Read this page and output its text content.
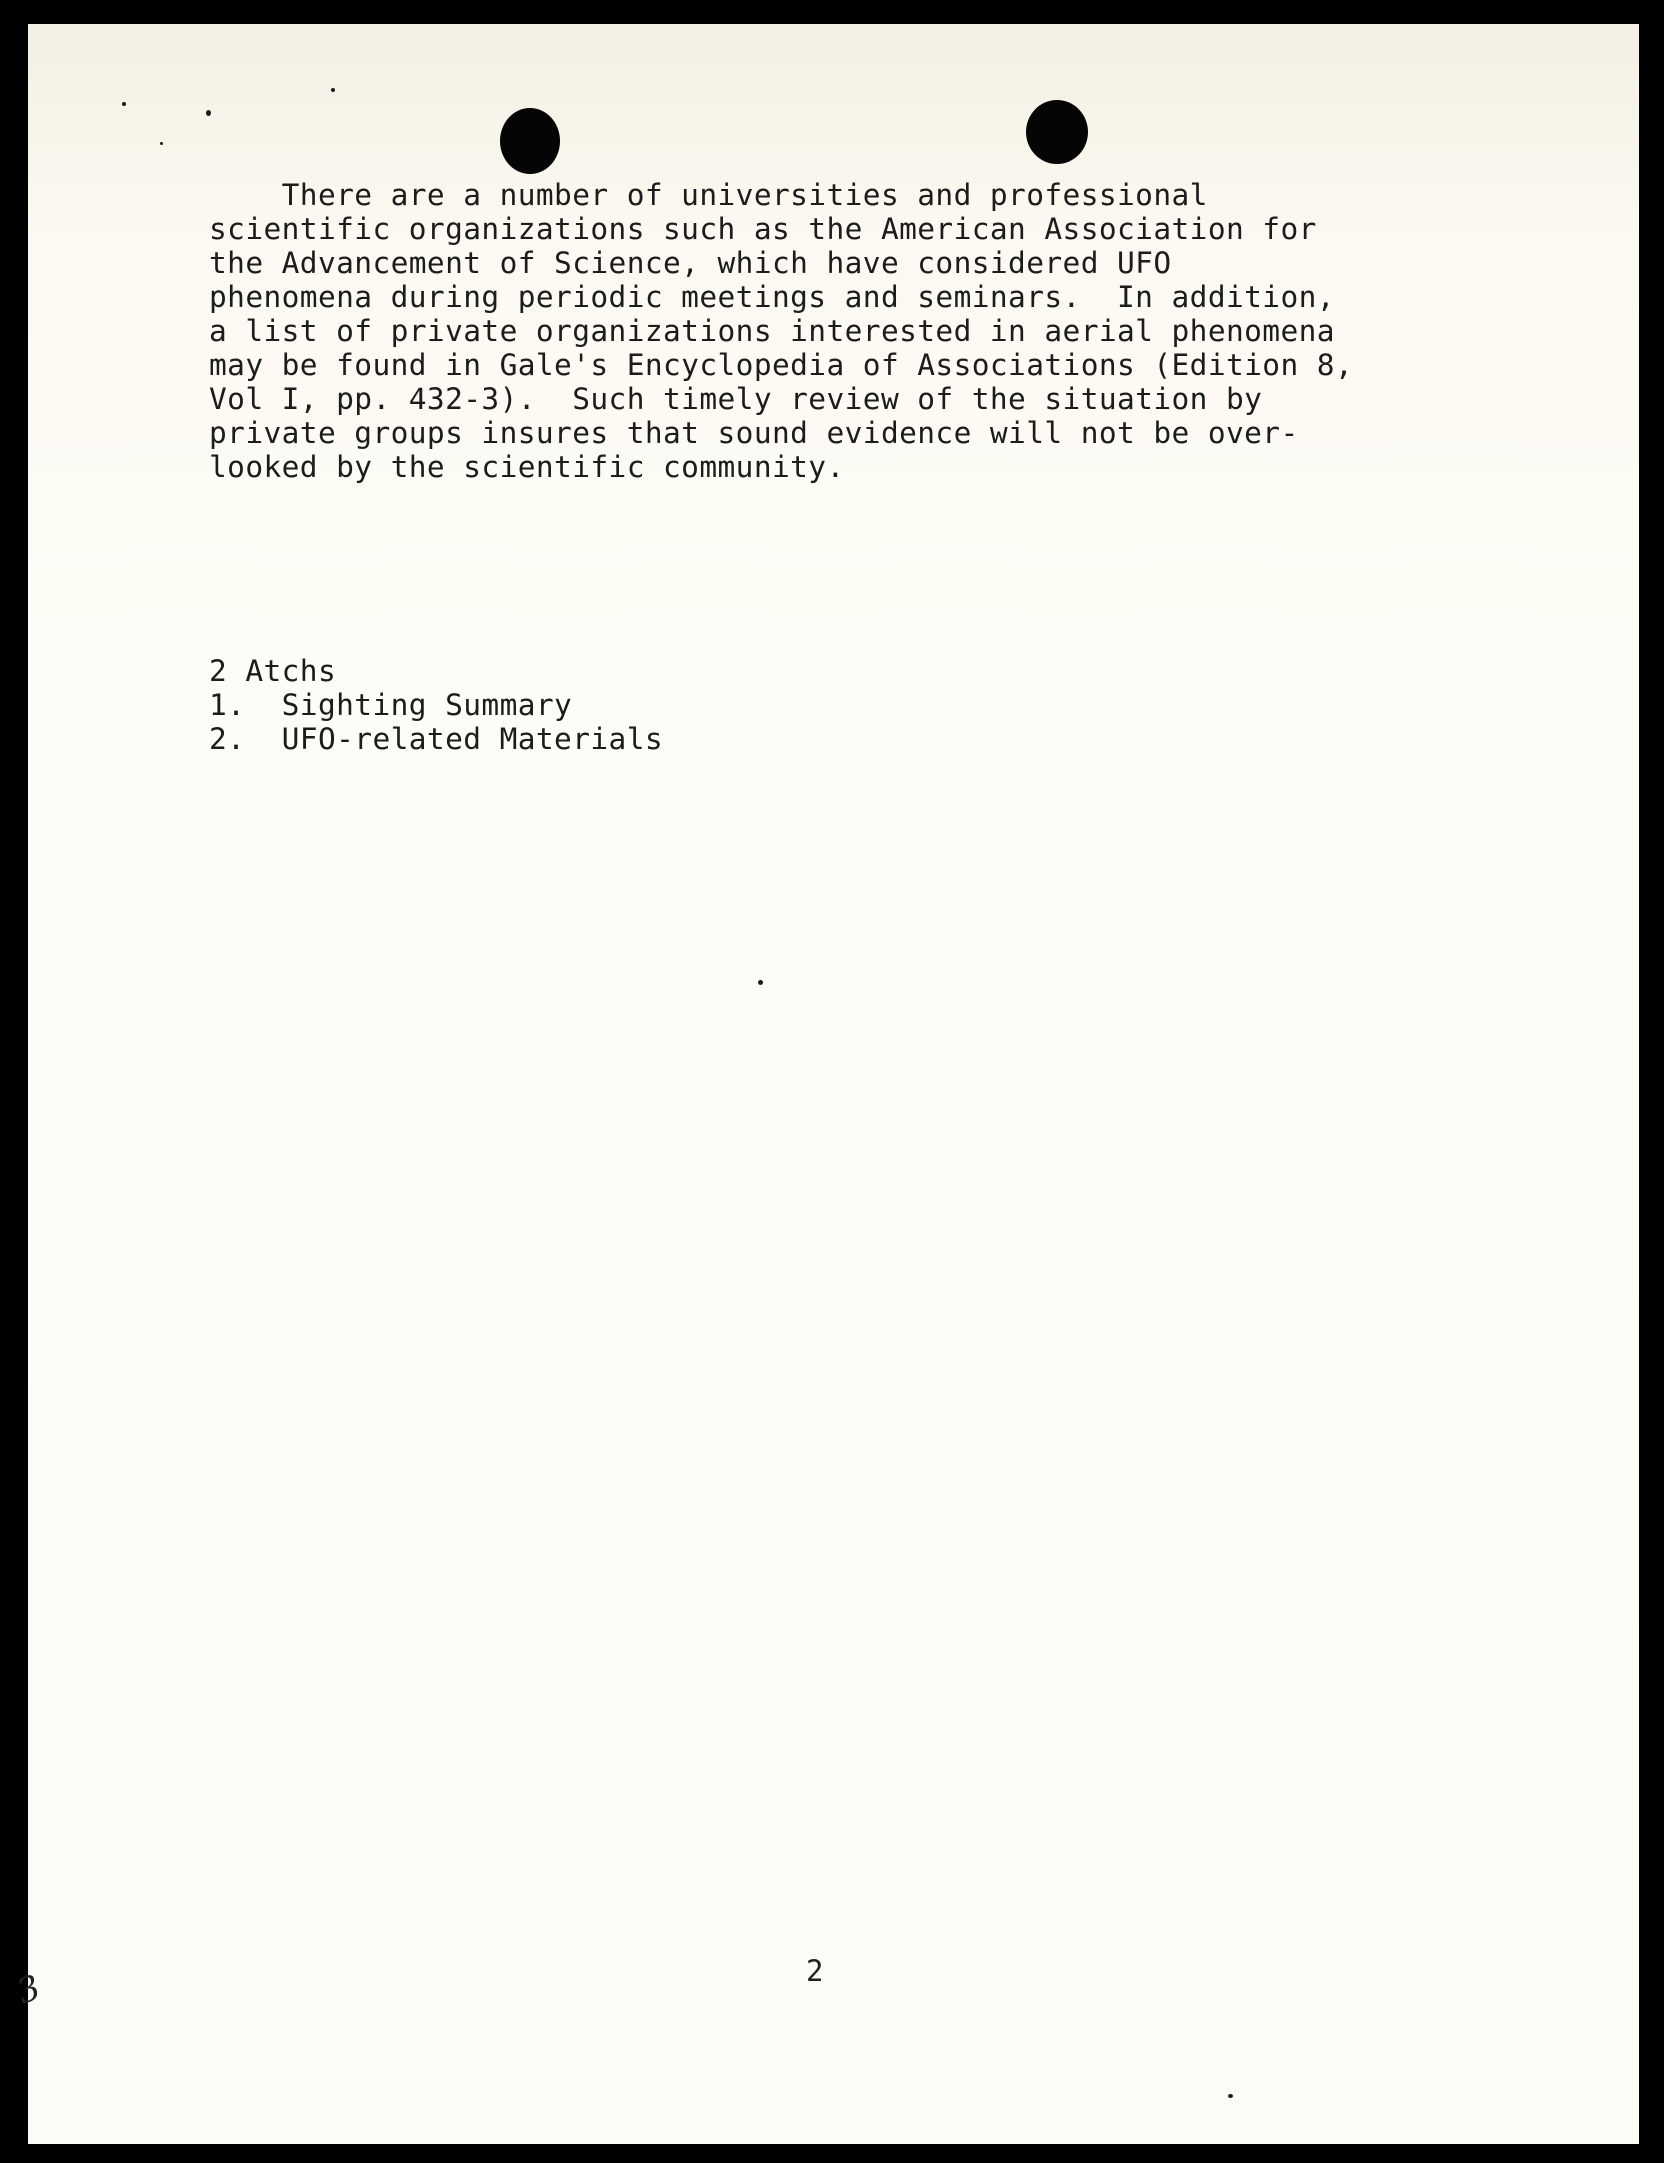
There are a number of universities and professional
scientific organizations such as the American Association for
the Advancement of Science, which have considered UFO
phenomena during periodic meetings and seminars.  In addition,
a list of private organizations interested in aerial phenomena
may be found in Gale's Encyclopedia of Associations (Edition 8,
Vol I, pp. 432-3).  Such timely review of the situation by
private groups insures that sound evidence will not be over-
looked by the scientific community.
2 Atchs
1.  Sighting Summary
2.  UFO-related Materials
2
3
